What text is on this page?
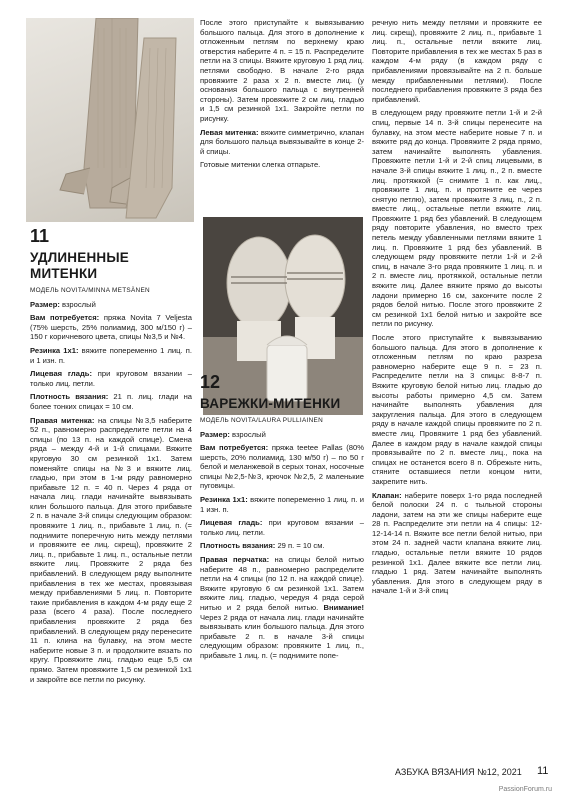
11

УДЛИНЕННЫЕ МИТЕНКИ

МОДЕЛЬ NOVITA/MINNA METSÄNEN

Размер: взрослый

Вам потребуется: пряжа Novita 7 Veljesta (75% шерсть, 25% полиамид, 300 м/150 г) – 150 г коричневого цвета, спицы №3,5 и №4.

Резинка 1х1: вяжите попеременно 1 лиц. п. и 1 изн. п.

Лицевая гладь: при круговом вязании – только лиц. петли.

Плотность вязания: 21 п. лиц. глади на более тонких спицах = 10 см.

Правая митенка: на спицы №3,5 наберите 52 п., равномерно распределите петли на 4 спицы (по 13 п. на каждой спице). Смена ряда – между 4-й и 1-й спицами. Вяжите круговую 30 см резинкой 1х1. Затем поменяйте спицы на №3 и вяжите лиц. гладью, при этом в 1-м ряду равномерно прибавьте 12 п. = 40 п. Через 4 ряда от начала лиц. глади начинайте вывязывать клин большого пальца. Для этого прибавьте 2 п. в начале 3-й спицы следующим образом: провяжите 1 лиц. п., прибавьте 1 лиц. п. (= поднимите поперечную нить между петлями и провяжите ее лиц. скрещ), провяжите 2 лиц. п., прибавьте 1 лиц. п., остальные петли вяжите лиц. Провяжите 2 ряда без прибавлений. В следующем ряду выполните прибавления в тех же местах, провязывая между прибавлениями 5 лиц. п. Повторите такие прибавления в каждом 4-м ряду еще 2 раза (всего 4 раза). После последнего прибавления провяжите 2 ряда без прибавлений. В следующем ряду перенесите 11 п. клина на булавку, на этом месте наберите новые 3 п. и продолжите вязать по кругу. Провяжите лиц. гладью еще 5,5 см прямо. Затем провяжите 1,5 см резинкой 1х1 и закройте все петли по рисунку.

После этого приступайте к вывязыванию большого пальца. Для этого в дополнение к отложенным петлям по верхнему краю отверстия наберите 4 п. = 15 п. Распределите петли на 3 спицы. Вяжите круговую 1 ряд лиц. петлями свободно. В начале 2-го ряда провяжите 2 раза х 2 п. вместе лиц. (у основания большого пальца с внутренней стороны). Затем провяжите 2 см лиц. гладью и 1,5 см резинкой 1х1. Закройте петли по рисунку.

Левая митенка: вяжите симметрично, клапан для большого пальца вывязывайте в конце 2-й спицы.

Готовые митенки слегка отпарьте.

12

ВАРЕЖКИ-МИТЕНКИ

МОДЕЛЬ NOVITA/LAURA PULLIAINEN

Размер: взрослый

Вам потребуется: пряжа teetee Pallas (80% шерсть, 20% полиамид, 130 м/50 г) – по 50 г белой и меланжевой в серых тонах, носочные спицы №2,5-№3, крючок №2,5, 2 маленькие пуговицы.

Резинка 1х1: вяжите попеременно 1 лиц. п. и 1 изн. п.

Лицевая гладь: при круговом вязании – только лиц. петли.

Плотность вязания: 29 п. = 10 см.

Правая перчатка: на спицы белой нитью наберите 48 п., равномерно распределите петли на 4 спицы (по 12 п. на каждой спице). Вяжите круговую 6 см резинкой 1х1. Затем вяжите лиц. гладью, чередуя 4 ряда серой нитью и 2 ряда белой нитью. Внимание! Через 2 ряда от начала лиц. глади начинайте вывязывать клин большого пальца. Для этого прибавьте 2 п. в начале 3-й спицы следующим образом: провяжите 1 лиц. п., прибавьте 1 лиц. п. (= поднимите попе-

речную нить между петлями и провяжите ее лиц. скрещ), провяжите 2 лиц. п., прибавьте 1 лиц. п., остальные петли вяжите лиц. Повторите прибавления в тех же местах 5 раз в каждом 4-м ряду (в каждом ряду с прибавлениями провязывайте на 2 п. больше между прибавленными петлями). После последнего прибавления провяжите 3 ряда без прибавлений.

В следующем ряду провяжите петли 1-й и 2-й спиц, первые 14 п. 3-й спицы перенесите на булавку, на этом месте наберите новые 7 п. и вяжите ряд до конца. Провяжите 2 ряда прямо, затем начинайте выполнять убавления. Провяжите петли 1-й и 2-й спиц лицевыми, в начале 3-й спицы вяжите 1 лиц. п., 2 п. вместе лиц. протяжкой (= снимите 1 п. как лиц., провяжите 1 лиц. п. и протяните ее через снятую петлю), затем провяжите 3 лиц. п., 2 п. вместе лиц., остальные петли вяжите лиц. Провяжите 1 ряд без убавлений. В следующем ряду повторите убавления, но вместо трех петель между убавленными петлями вяжите 1 лиц. п. Провяжите 1 ряд без убавлений. В следующем ряду провяжите петли 1-й и 2-й спиц, в начале 3-го ряда провяжите 1 лиц. п. и 2 п. вместе лиц. протяжкой, остальные петли вяжите лиц. Далее вяжите прямо до высоты ладони примерно 16 см, закончите после 2 рядов белой нитью. После этого провяжите 2 см резинкой 1х1 белой нитью и закройте все петли по рисунку.

После этого приступайте к вывязыванию большого пальца. Для этого в дополнение к отложенным петлям по краю разреза равномерно наберите еще 9 п. = 23 п. Распределите петли на 3 спицы: 8-8-7 п. Вяжите круговую белой нитью лиц. гладью до высоты работы примерно 4,5 см. Затем начинайте выполнять убавления для закругления пальца. Для этого в следующем ряду в начале каждой спицы провяжите по 2 п. вместе лиц. Провяжите 1 ряд без убавлений. Далее в каждом ряду в начале каждой спицы провязывайте по 2 п. вместе лиц., пока на спицах не останется всего 8 п. Обрежьте нить, стяните оставшиеся петли концом нити, закрепите нить.

Клапан: наберите поверх 1-го ряда последней белой полоски 24 п. с тыльной стороны ладони, затем на эти же спицы наберите еще 28 п. Распределите эти петли на 4 спицы: 12-12-14-14 п. Вяжите все петли белой нитью, при этом 24 п. задней части клапана вяжите лиц. гладью, остальные петли вяжите 10 рядов резинкой 1х1. Далее вяжите все петли лиц. гладью 1 ряд. Затем начинайте выполнять убавления. Для этого в следующем ряду в начале 1-й и 3-й спиц

АЗБУКА ВЯЗАНИЯ №12, 2021 11
PassionForum.ru
